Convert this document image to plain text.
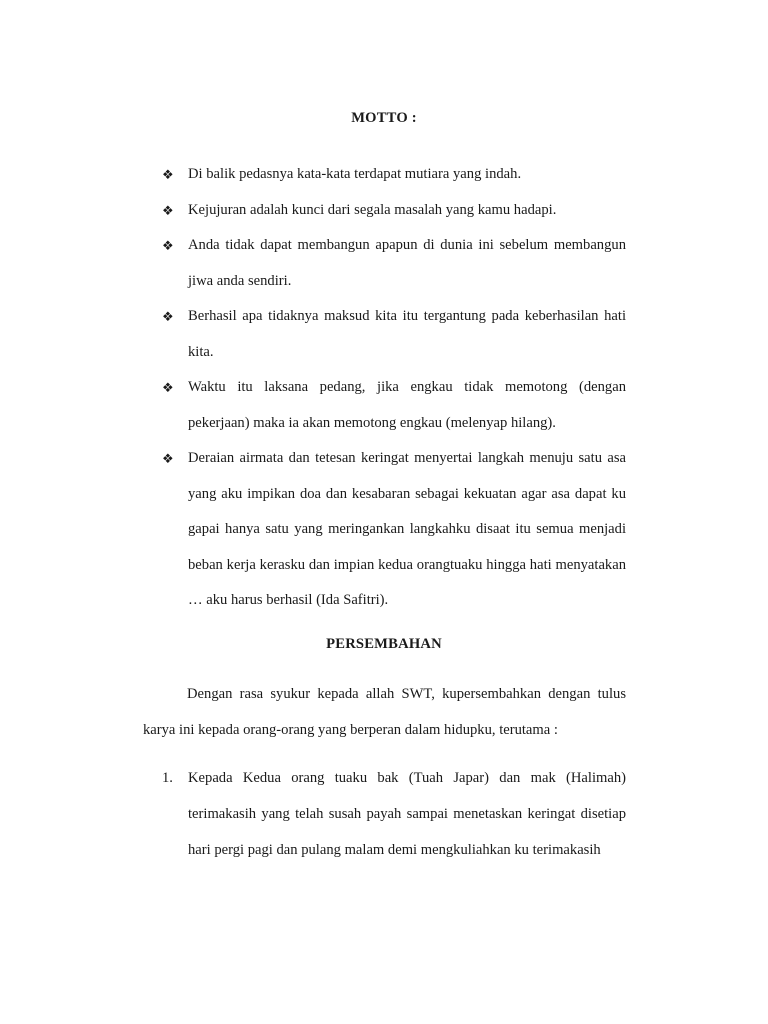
MOTTO :
❖ Di balik pedasnya kata-kata terdapat mutiara yang indah.
❖ Kejujuran adalah kunci dari segala masalah yang kamu hadapi.
❖ Anda tidak dapat membangun apapun di dunia ini sebelum membangun jiwa anda sendiri.
❖ Berhasil apa tidaknya maksud kita itu tergantung pada keberhasilan hati kita.
❖ Waktu itu laksana pedang, jika engkau tidak memotong (dengan pekerjaan) maka ia akan memotong engkau (melenyap hilang).
❖ Deraian airmata dan tetesan keringat menyertai langkah menuju satu asa yang aku impikan doa dan kesabaran sebagai kekuatan agar asa dapat ku gapai hanya satu yang meringankan langkahku disaat itu semua menjadi beban kerja kerasku dan impian kedua orangtuaku hingga hati menyatakan … aku harus berhasil (Ida Safitri).
PERSEMBAHAN

Dengan rasa syukur kepada allah SWT, kupersembahkan dengan tulus karya ini kepada orang-orang yang berperan dalam hidupku, terutama :

1. Kepada Kedua orang tuaku bak (Tuah Japar) dan mak (Halimah) terimakasih yang telah susah payah sampai menetaskan keringat disetiap hari pergi pagi dan pulang malam demi mengkuliahkan ku terimakasih
